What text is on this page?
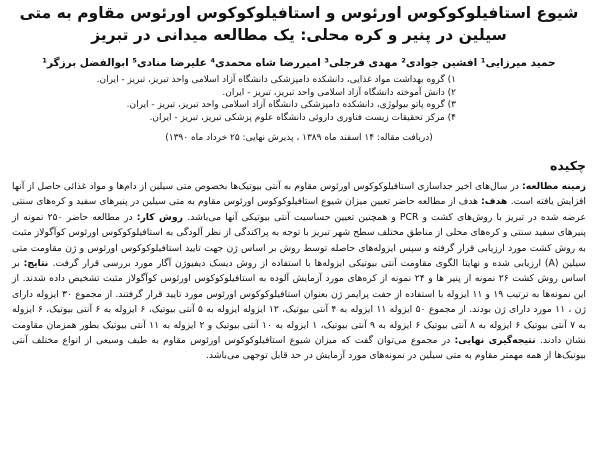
شیوع استافیلوکوکوس اورئوس و استافیلوکوکوس اورئوس مقاوم به متی سیلین در پنیر و کره محلی: یک مطالعه میدانی در تبریز
حمید میرزایی¹ افشین جوادی² مهدی فرجلی³ امیررضا شاه محمدی⁴ علیرضا منادی⁵ ابوالفضل برزگر¹
۱) گروه بهداشت مواد غذایی، دانشکده دامپزشکی دانشگاه آزاد اسلامی واحد تبریز، تبریز - ایران.
۲) دانش آموخته دانشگاه آزاد اسلامی واحد تبریز، تبریز - ایران.
۳) گروه پاتو بیولوژی، دانشکده دامپزشکی دانشگاه آزاد اسلامی واحد تبریز، تبریز - ایران.
۴) مرکز تحقیقات زیست فناوری داروئی دانشگاه علوم پزشکی تبریز، تبریز - ایران.
(دریافت مقاله: ۱۴ اسفند ماه ۱۳۸۹ ، پذیرش نهایی: ۲۵ خرداد ماه ۱۳۹۰)
چکیده

زمینه مطالعه: در سال‌های اخیر جداسازی استافیلوکوکوس اورئوس مقاوم به آنتی بیوتیک‌ها بخصوص متی سیلین از دام‌ها و مواد غذائی حاصل از آنها افزایش یافته است. هدف: هدف از مطالعه حاضر تعیین میزان شیوع استافیلوکوکوس اورئوس مقاوم به متی سیلین در پنیرهای سفید و کره‌های سنتی عرضه شده در تبریز با روش‌های کشت و PCR و همچنین تعیین حساسیت آنتی بیوتیکی آنها می‌باشد. روش کار: در مطالعه حاضر ۲۵۰ نمونه از پنیرهای سفید سنتی و کره‌های محلی از مناطق مختلف سطح شهر تبریز با توجه به پراکندگی از نظر آلودگی به استافیلوکوکوس اورئوس کوآگولاز مثبت به روش کشت مورد ارزیابی قرار گرفته و سپس ایزوله‌های حاصله توسط روش بر اساس ژن جهت تایید استافیلوکوکوس اورئوس و ژن مقاومت متی سیلین (A) ارزیابی شده و نهایتا الگوی مقاومت آنتی بیوتیکی ایزوله‌ها با استفاده از روش دیسک دیفیوژن آگار مورد بررسی قرار گرفت. نتایج: بر اساس روش کشت ۲۶ نمونه از پنیر ها و ۲۴ نمونه از کره‌های مورد آزمایش آلوده به استافیلوکوکوس اورئوس کوآگولاز مثبت تشخیص داده شدند. از این نمونه‌ها به ترتیب ۱۹ و ۱۱ ایزوله با استفاده از جفت پرایمر ژن بعنوان استافیلوکوکوس اورئوس مورد تایید قرار گرفتند. از مجموع ۳۰ ایزوله دارای ژن ، ۱۱ مورد دارای ژن بودند. از مجموع ۵۰ ایزوله ۱۱ ایزوله به ۴ آنتی بیوتیک، ۱۲ ایزوله ایزوله به ۵ آنتی بیوتیک، ۶ ایزوله به ۶ آنتی بیوتیک، ۶ ایزوله به ۷ آنتی بیوتیک ۶ ایزوله به ۸ آنتی بیوتیک ۶ ایزوله به ۹ آنتی بیوتیک، ۱ ایزوله به ۱۰ آنتی بیوتیک و ۲ ایزوله به ۱۱ آنتی بیوتیک بطور همزمان مقاومت نشان دادند. نتیجه‌گیری نهایی: در مجموع می‌توان گفت که میزان شیوع استافیلوکوکوس اورئوس مقاوم به طیف وسیعی از انواع مختلف آنتی بیوتیک‌ها از همه مهمتر مقاوم به متی سیلین در نمونه‌های مورد آزمایش در حد قابل توجهی می‌باشد.
